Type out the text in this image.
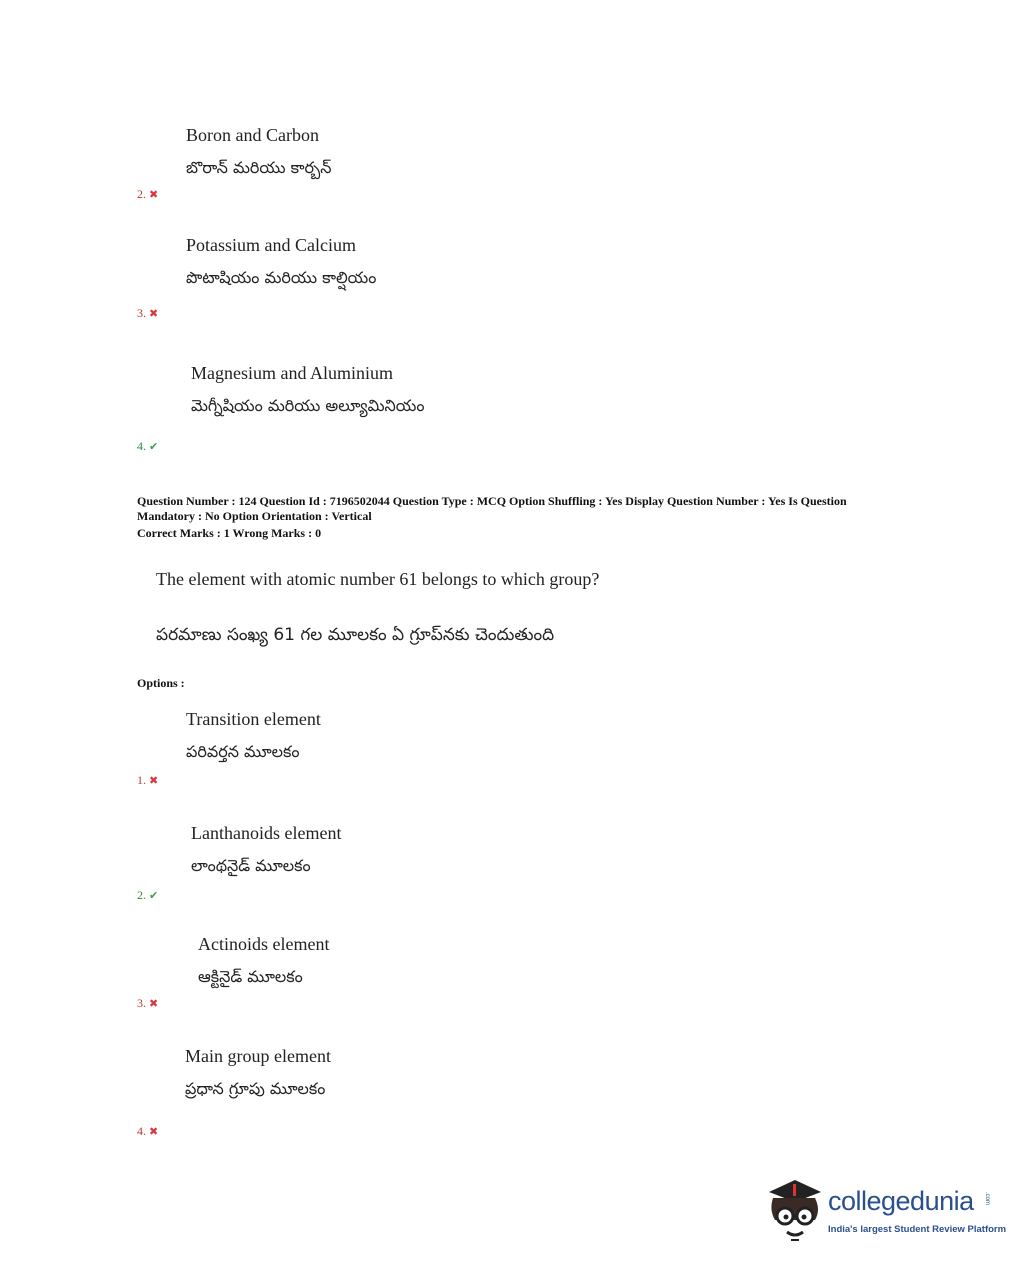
Boron and Carbon
బొరాన్ మరియు కార్బన్
2. ✖
Potassium and Calcium
పొటాషియం మరియు కాల్షియం
3. ✖
Magnesium and Aluminium
మెగ్నీషియం మరియు అల్యూమినియం
4. ✔
Question Number : 124 Question Id : 7196502044 Question Type : MCQ Option Shuffling : Yes Display Question Number : Yes Is Question Mandatory : No Option Orientation : Vertical
Correct Marks : 1 Wrong Marks : 0
The element with atomic number 61 belongs to which group?
పరమాణు సంఖ్య 61 గల మూలకం ఏ గ్రూప్‌నకు చెందుతుంది
Options :
Transition element
పరివర్తన మూలకం
1. ✖
Lanthanoids element
లాంథనైడ్ మూలకం
2. ✔
Actinoids element
ఆక్టినైడ్ మూలకం
3. ✖
Main group element
ప్రధాన గ్రూపు మూలకం
4. ✖
collegedunia .com
India's largest Student Review Platform
